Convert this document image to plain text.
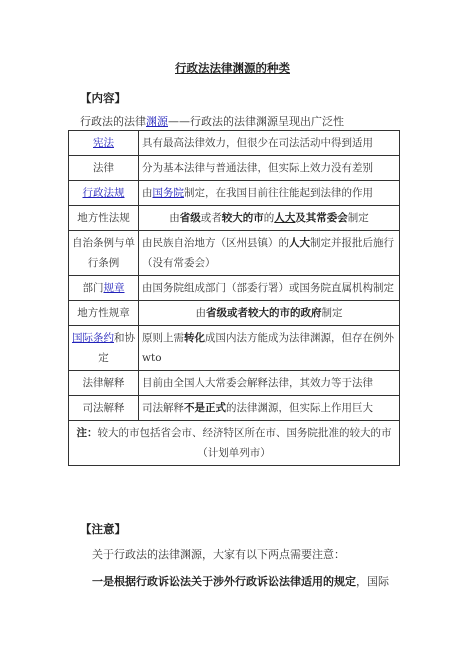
行政法法律渊源的种类
【内容】
行政法的法律渊源——行政法的法律渊源呈现出广泛性
宪法	具有最高法律效力，但很少在司法活动中得到适用
法律	分为基本法律与普通法律，但实际上效力没有差别
行政法规	由国务院制定，在我国目前往往能起到法律的作用
地方性法规	由省级或者较大的市的人大及其常委会制定
自治条例与单行条例	由民族自治地方（区州县镇）的人大制定并报批后施行（没有常委会）
部门规章	由国务院组成部门（部委行署）或国务院直属机构制定
地方性规章	由省级或者较大的市的政府制定
国际条约和协定	原则上需转化成国内法方能成为法律渊源，但存在例外wto
法律解释	目前由全国人大常委会解释法律，其效力等于法律
司法解释	司法解释不是正式的法律渊源，但实际上作用巨大
注：较大的市包括省会市、经济特区所在市、国务院批准的较大的市（计划单列市）	
【注意】
关于行政法的法律渊源，大家有以下两点需要注意：
一是根据行政诉讼法关于涉外行政诉讼法律适用的规定，国际
